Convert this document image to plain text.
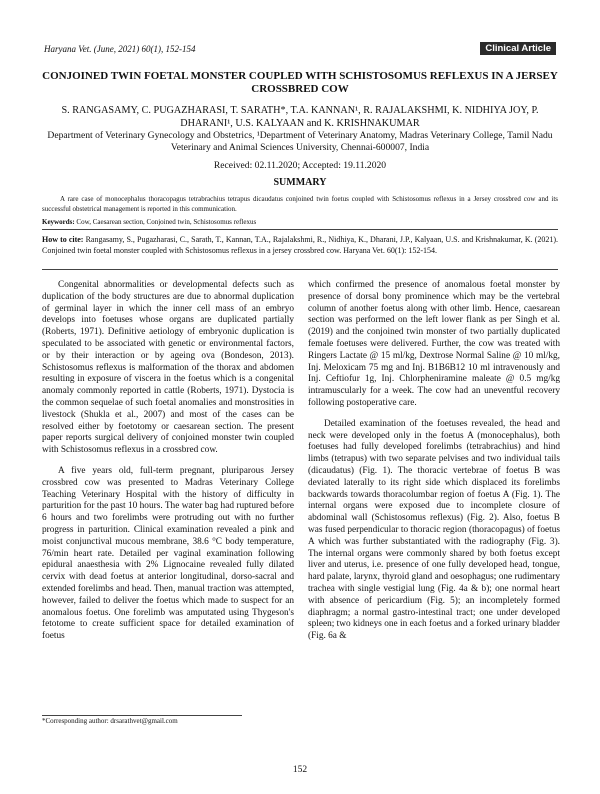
Haryana Vet. (June, 2021) 60(1), 152-154	Clinical Article
CONJOINED TWIN FOETAL MONSTER COUPLED WITH SCHISTOSOMUS REFLEXUS IN A JERSEY CROSSBRED COW
S. RANGASAMY, C. PUGAZHARASI, T. SARATH*, T.A. KANNAN¹, R. RAJALAKSHMI, K. NIDHIYA JOY, P. DHARANI¹, U.S. KALYAAN and K. KRISHNAKUMAR
Department of Veterinary Gynecology and Obstetrics, ¹Department of Veterinary Anatomy, Madras Veterinary College, Tamil Nadu Veterinary and Animal Sciences University, Chennai-600007, India
Received: 02.11.2020; Accepted: 19.11.2020
SUMMARY
A rare case of monocephalus thoracopagus tetrabrachius tetrapus dicaudatus conjoined twin foetus coupled with Schistosomus reflexus in a Jersey crossbred cow and its successful obstetrical management is reported in this communication.
Keywords: Cow, Caesarean section, Conjoined twin, Schistosomus reflexus
How to cite: Rangasamy, S., Pugazharasi, C., Sarath, T., Kannan, T.A., Rajalakshmi, R., Nidhiya, K., Dharani, J.P., Kalyaan, U.S. and Krishnakumar, K. (2021). Conjoined twin foetal monster coupled with Schistosomus reflexus in a jersey crossbred cow. Haryana Vet. 60(1): 152-154.

Congenital abnormalities or developmental defects such as duplication of the body structures are due to abnormal duplication of germinal layer in which the inner cell mass of an embryo develops into foetuses whose organs are duplicated partially (Roberts, 1971). Definitive aetiology of embryonic duplication is speculated to be associated with genetic or environmental factors, or by their interaction or by ageing ova (Bondeson, 2013). Schistosomus reflexus is malformation of the thorax and abdomen resulting in exposure of viscera in the foetus which is a congenital anomaly commonly reported in cattle (Roberts, 1971). Dystocia is the common sequelae of such foetal anomalies and monstrosities in livestock (Shukla et al., 2007) and most of the cases can be resolved either by foetotomy or caesarean section. The present paper reports surgical delivery of conjoined monster twin coupled with Schistosomus reflexus in a crossbred cow.

A five years old, full-term pregnant, pluriparous Jersey crossbred cow was presented to Madras Veterinary College Teaching Veterinary Hospital with the history of difficulty in parturition for the past 10 hours. The water bag had ruptured before 6 hours and two forelimbs were protruding out with no further progress in parturition. Clinical examination revealed a pink and moist conjunctival mucous membrane, 38.6 °C body temperature, 76/min heart rate. Detailed per vaginal examination following epidural anaesthesia with 2% Lignocaine revealed fully dilated cervix with dead foetus at anterior longitudinal, dorso-sacral and extended forelimbs and head. Then, manual traction was attempted, however, failed to deliver the foetus which made to suspect for an anomalous foetus. One forelimb was amputated using Thygeson's fetotome to create sufficient space for detailed examination of foetus

which confirmed the presence of anomalous foetal monster by presence of dorsal bony prominence which may be the vertebral column of another foetus along with other limb. Hence, caesarean section was performed on the left lower flank as per Singh et al. (2019) and the conjoined twin monster of two partially duplicated female foetuses were delivered. Further, the cow was treated with Ringers Lactate @ 15 ml/kg, Dextrose Normal Saline @ 10 ml/kg, Inj. Meloxicam 75 mg and Inj. B1B6B12 10 ml intravenously and Inj. Ceftiofur 1g, Inj. Chlorpheniramine maleate @ 0.5 mg/kg intramuscularly for a week. The cow had an uneventful recovery following postoperative care.

Detailed examination of the foetuses revealed, the head and neck were developed only in the foetus A (monocephalus), both foetuses had fully developed forelimbs (tetrabrachius) and hind limbs (tetrapus) with two separate pelvises and two individual tails (dicaudatus) (Fig. 1). The thoracic vertebrae of foetus B was deviated laterally to its right side which displaced its forelimbs backwards towards thoracolumbar region of foetus A (Fig. 1). The internal organs were exposed due to incomplete closure of abdominal wall (Schistosomus reflexus) (Fig. 2). Also, foetus B was fused perpendicular to thoracic region (thoracopagus) of foetus A which was further substantiated with the radiography (Fig. 3). The internal organs were commonly shared by both foetus except liver and uterus, i.e. presence of one fully developed head, tongue, hard palate, larynx, thyroid gland and oesophagus; one rudimentary trachea with single vestigial lung (Fig. 4a & b); one normal heart with absence of pericardium (Fig. 5); an incompletely formed diaphragm; a normal gastro-intestinal tract; one under developed spleen; two kidneys one in each foetus and a forked urinary bladder (Fig. 6a &

*Corresponding author: drsarathvet@gmail.com
152
